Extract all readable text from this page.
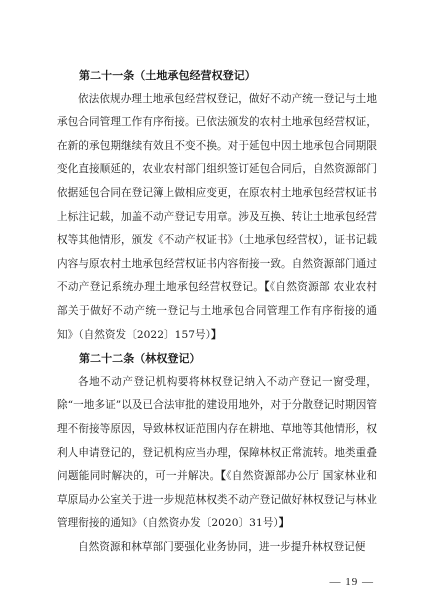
第二十一条（土地承包经营权登记）

依法依规办理土地承包经营权登记，做好不动产统一登记与土地承包合同管理工作有序衔接。已依法颁发的农村土地承包经营权证，在新的承包期继续有效且不变不换。对于延包中因土地承包合同期限变化直接顺延的，农业农村部门组织签订延包合同后，自然资源部门依据延包合同在登记簿上做相应变更，在原农村土地承包经营权证书上标注记载，加盖不动产登记专用章。涉及互换、转让土地承包经营权等其他情形，颁发《不动产权证书》（土地承包经营权），证书记载内容与原农村土地承包经营权证书内容衔接一致。自然资源部门通过不动产登记系统办理土地承包经营权登记。【《自然资源部 农业农村部关于做好不动产统一登记与土地承包合同管理工作有序衔接的通知》（自然资发〔2022〕157号）】

第二十二条（林权登记）

各地不动产登记机构要将林权登记纳入不动产登记一窗受理，除“一地多证”以及已合法审批的建设用地外，对于分散登记时期因管理不衔接等原因，导致林权证范围内存在耕地、草地等其他情形，权利人申请登记的，登记机构应当办理，保障林权正常流转。地类重叠问题能同时解决的，可一并解决。【《自然资源部办公厅 国家林业和草原局办公室关于进一步规范林权类不动产登记做好林权登记与林业管理衔接的通知》（自然资办发〔2020〕31号）】

自然资源和林草部门要强化业务协同，进一步提升林权登记便

— 19 —
